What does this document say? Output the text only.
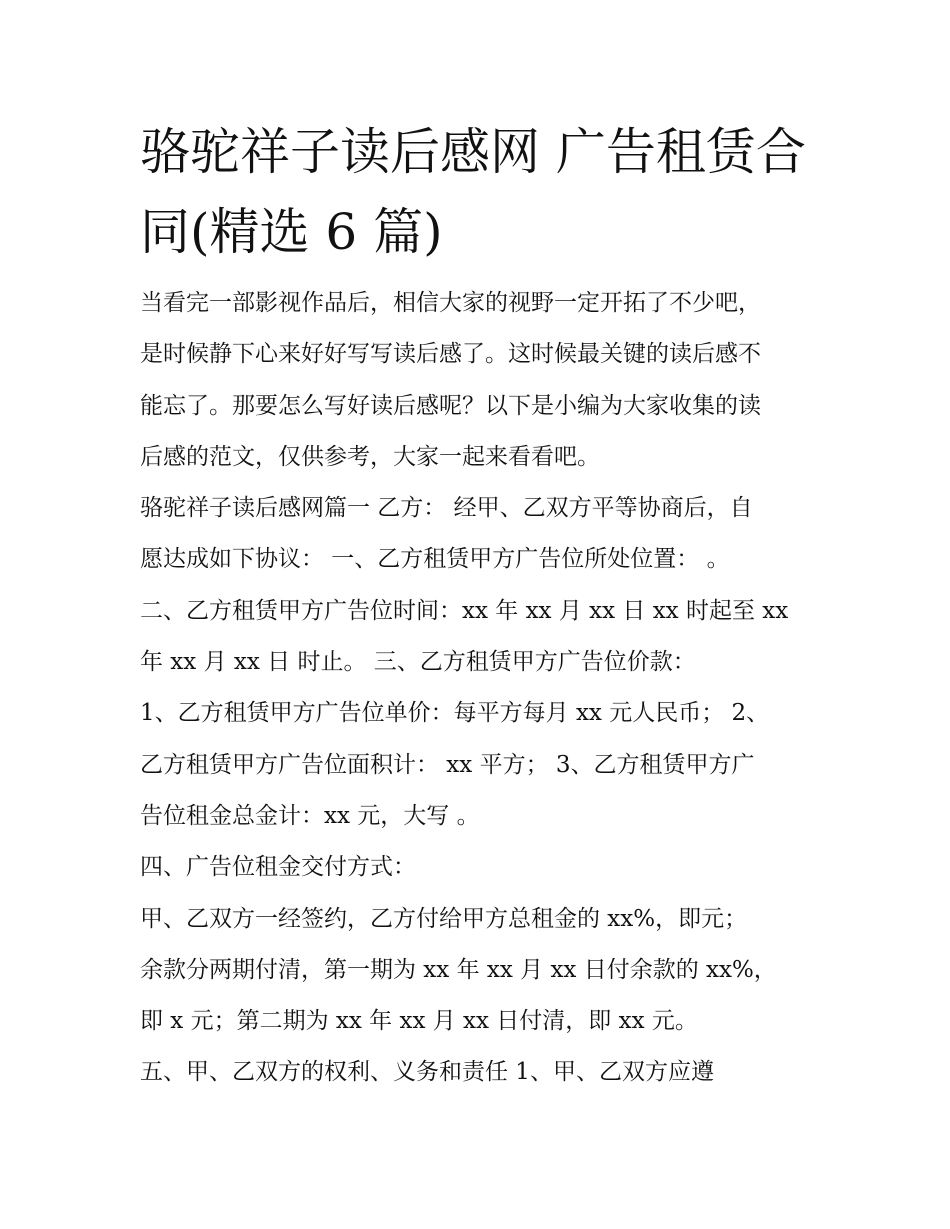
骆驼祥子读后感网 广告租赁合
同(精选 6 篇)
当看完一部影视作品后，相信大家的视野一定开拓了不少吧，
是时候静下心来好好写写读后感了。这时候最关键的读后感不
能忘了。那要怎么写好读后感呢？以下是小编为大家收集的读
后感的范文，仅供参考，大家一起来看看吧。
骆驼祥子读后感网篇一 乙方： 经甲、乙双方平等协商后，自
愿达成如下协议： 一、乙方租赁甲方广告位所处位置： 。
二、乙方租赁甲方广告位时间：xx 年 xx 月 xx 日 xx 时起至 xx
年 xx 月 xx 日 时止。 三、乙方租赁甲方广告位价款：
1、乙方租赁甲方广告位单价：每平方每月 xx 元人民币； 2、
乙方租赁甲方广告位面积计： xx 平方； 3、乙方租赁甲方广
告位租金总金计：xx 元，大写 。
四、广告位租金交付方式：
甲、乙双方一经签约，乙方付给甲方总租金的 xx%，即元；
余款分两期付清，第一期为 xx 年 xx 月 xx 日付余款的 xx%，
即 x 元；第二期为 xx 年 xx 月 xx 日付清，即 xx 元。
五、甲、乙双方的权利、义务和责任 1、甲、乙双方应遵
